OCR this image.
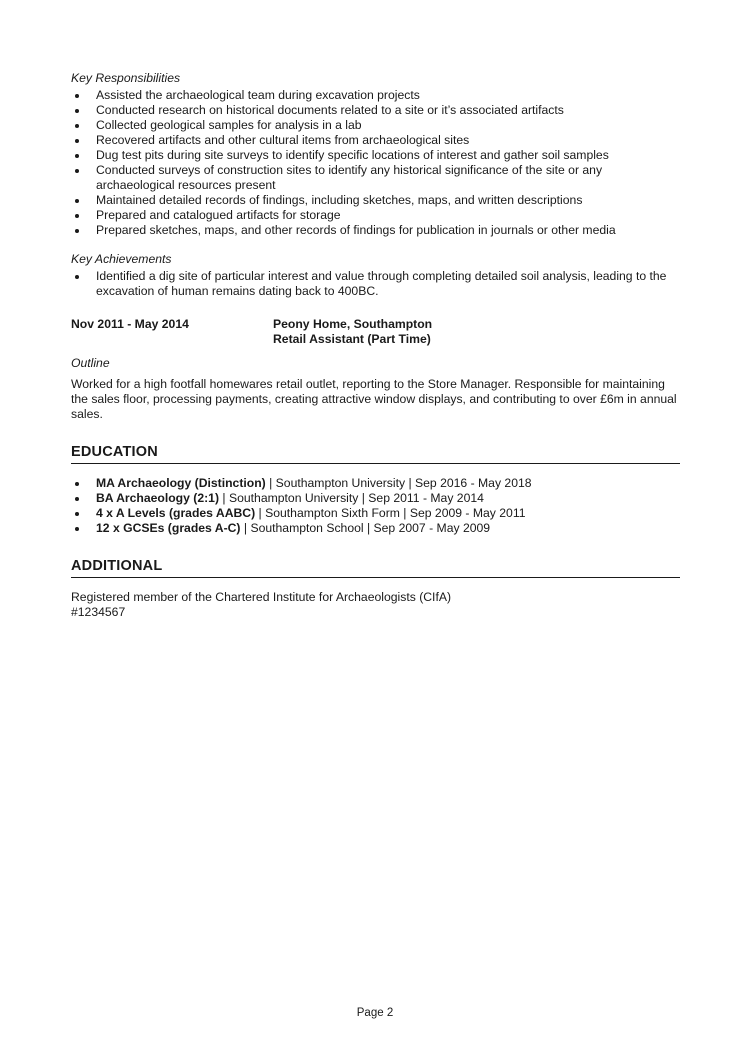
Key Responsibilities
Assisted the archaeological team during excavation projects
Conducted research on historical documents related to a site or it’s associated artifacts
Collected geological samples for analysis in a lab
Recovered artifacts and other cultural items from archaeological sites
Dug test pits during site surveys to identify specific locations of interest and gather soil samples
Conducted surveys of construction sites to identify any historical significance of the site or any archaeological resources present
Maintained detailed records of findings, including sketches, maps, and written descriptions
Prepared and catalogued artifacts for storage
Prepared sketches, maps, and other records of findings for publication in journals or other media
Key Achievements
Identified a dig site of particular interest and value through completing detailed soil analysis, leading to the excavation of human remains dating back to 400BC.
Nov 2011 - May 2014	Peony Home, Southampton
Retail Assistant (Part Time)
Outline
Worked for a high footfall homewares retail outlet, reporting to the Store Manager. Responsible for maintaining the sales floor, processing payments, creating attractive window displays, and contributing to over £6m in annual sales.
EDUCATION
MA Archaeology (Distinction) | Southampton University | Sep 2016 - May 2018
BA Archaeology (2:1) | Southampton University | Sep 2011 - May 2014
4 x A Levels (grades AABC) | Southampton Sixth Form | Sep 2009 - May 2011
12 x GCSEs (grades A-C) | Southampton School | Sep 2007 - May 2009
ADDITIONAL
Registered member of the Chartered Institute for Archaeologists (CIfA)
#1234567
Page 2
